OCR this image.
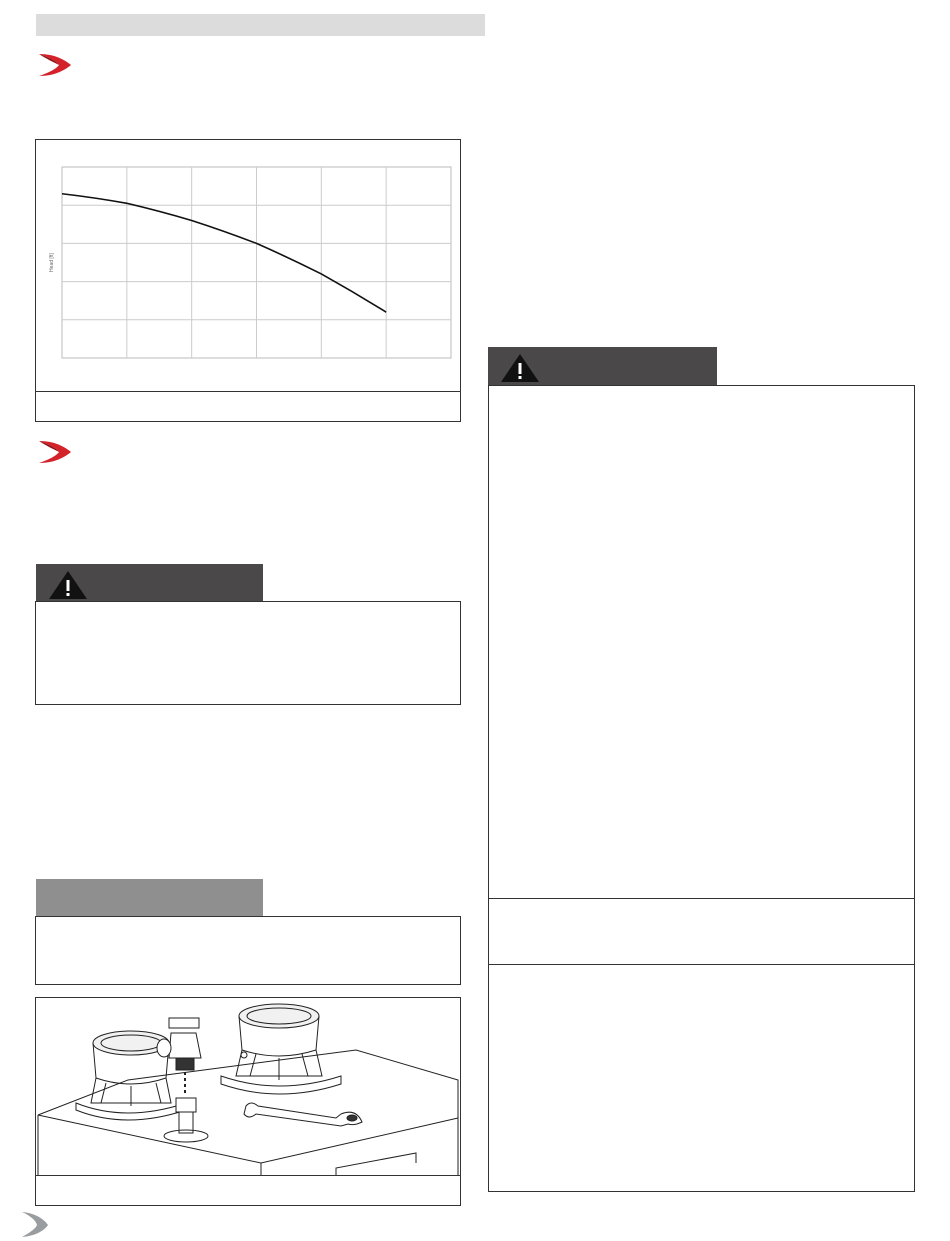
Head [ft]
